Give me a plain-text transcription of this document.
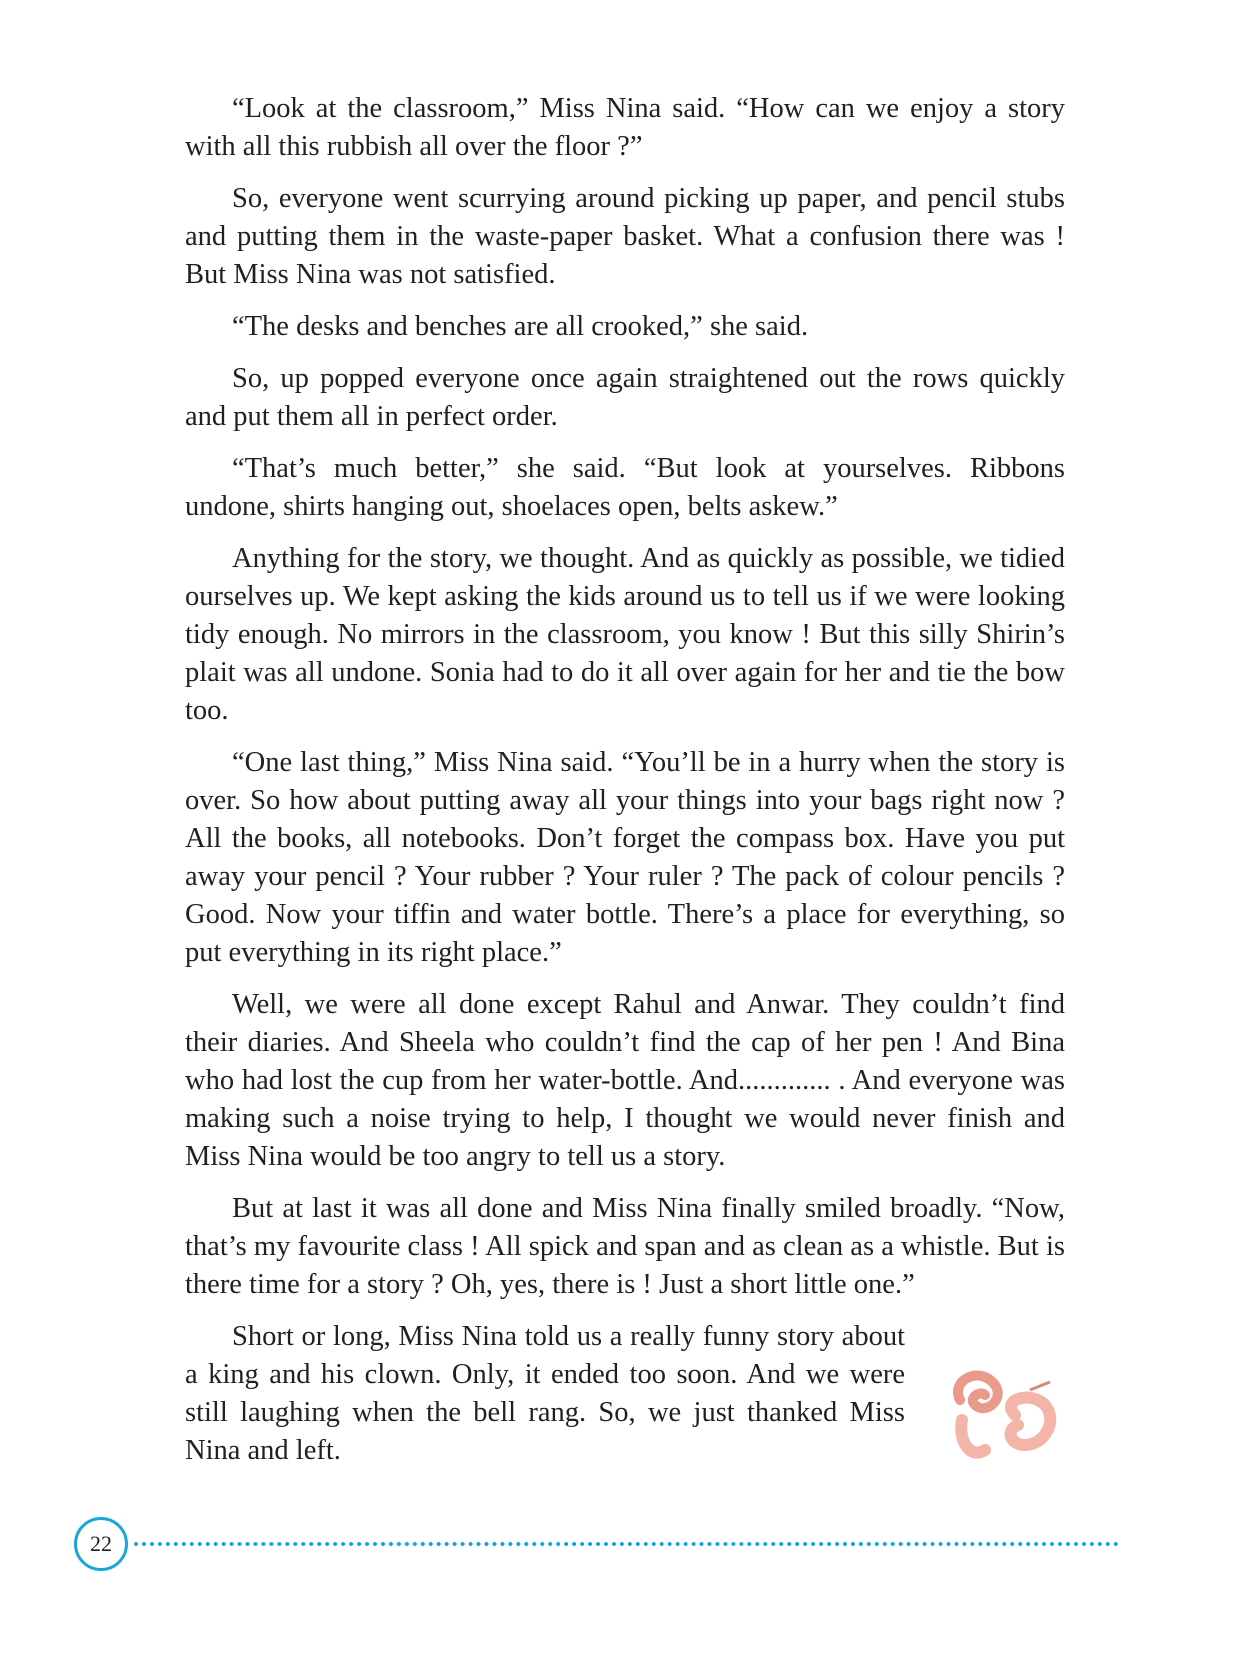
“Look at the classroom,” Miss Nina said. “How can we enjoy a story with all this rubbish all over the floor ?”

So, everyone went scurrying around picking up paper, and pencil stubs and putting them in the waste-paper basket. What a confusion there was ! But Miss Nina was not satisfied.

“The desks and benches are all crooked,” she said.

So, up popped everyone once again straightened out the rows quickly and put them all in perfect order.

“That’s much better,” she said. “But look at yourselves. Ribbons undone, shirts hanging out, shoelaces open, belts askew.”

Anything for the story, we thought. And as quickly as possible, we tidied ourselves up. We kept asking the kids around us to tell us if we were looking tidy enough. No mirrors in the classroom, you know ! But this silly Shirin’s plait was all undone. Sonia had to do it all over again for her and tie the bow too.

“One last thing,” Miss Nina said. “You’ll be in a hurry when the story is over. So how about putting away all your things into your bags right now ? All the books, all notebooks. Don’t forget the compass box. Have you put away your pencil ? Your rubber ? Your ruler ? The pack of colour pencils ? Good. Now your tiffin and water bottle. There’s a place for everything, so put everything in its right place.”

Well, we were all done except Rahul and Anwar. They couldn’t find their diaries. And Sheela who couldn’t find the cap of her pen ! And Bina who had lost the cup from her water-bottle. And............. . And everyone was making such a noise trying to help, I thought we would never finish and Miss Nina would be too angry to tell us a story.

But at last it was all done and Miss Nina finally smiled broadly. “Now, that’s my favourite class ! All spick and span and as clean as a whistle. But is there time for a story ? Oh, yes, there is ! Just a short little one.”

Short or long, Miss Nina told us a really funny story about a king and his clown. Only, it ended too soon. And we were still laughing when the bell rang. So, we just thanked Miss Nina and left.

22
